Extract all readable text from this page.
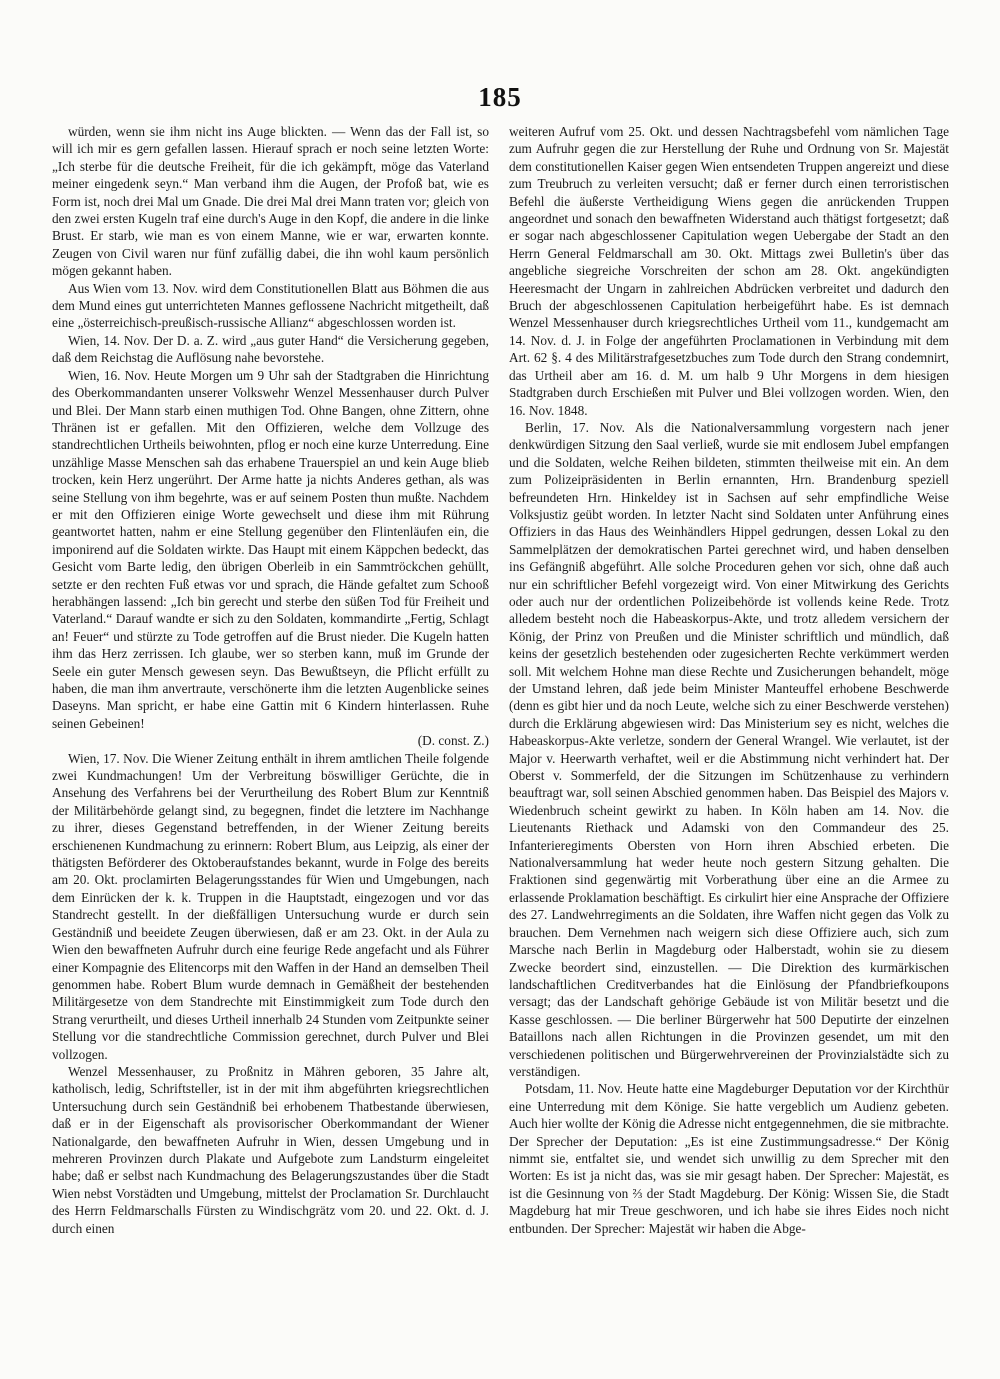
185

würden, wenn sie ihm nicht ins Auge blickten. — Wenn das der Fall ist, so will ich mir es gern gefallen lassen. Hierauf sprach er noch seine letzten Worte: „Ich sterbe für die deutsche Freiheit, für die ich gekämpft, möge das Vaterland meiner eingedenk seyn.“ Man verband ihm die Augen, der Profoß bat, wie es Form ist, noch drei Mal um Gnade. Die drei Mal drei Mann traten vor; gleich von den zwei ersten Kugeln traf eine durch's Auge in den Kopf, die andere in die linke Brust. Er starb, wie man es von einem Manne, wie er war, erwarten konnte. Zeugen von Civil waren nur fünf zufällig dabei, die ihn wohl kaum persönlich mögen gekannt haben.

Aus Wien vom 13. Nov. wird dem Constitutionellen Blatt aus Böhmen die aus dem Mund eines gut unterrichteten Mannes geflossene Nachricht mitgetheilt, daß eine „österreichisch-preußisch-russische Allianz“ abgeschlossen worden ist.

Wien, 14. Nov. Der D. a. Z. wird „aus guter Hand“ die Versicherung gegeben, daß dem Reichstag die Auflösung nahe bevorstehe.

Wien, 16. Nov. Heute Morgen um 9 Uhr sah der Stadtgraben die Hinrichtung des Oberkommandanten unserer Volkswehr Wenzel Messenhauser durch Pulver und Blei. Der Mann starb einen muthigen Tod. Ohne Bangen, ohne Zittern, ohne Thränen ist er gefallen. Mit den Offizieren, welche dem Vollzuge des standrechtlichen Urtheils beiwohnten, pflog er noch eine kurze Unterredung. Eine unzählige Masse Menschen sah das erhabene Trauerspiel an und kein Auge blieb trocken, kein Herz ungerührt. Der Arme hatte ja nichts Anderes gethan, als was seine Stellung von ihm begehrte, was er auf seinem Posten thun mußte. Nachdem er mit den Offizieren einige Worte gewechselt und diese ihm mit Rührung geantwortet hatten, nahm er eine Stellung gegenüber den Flintenläufen ein, die imponirend auf die Soldaten wirkte. Das Haupt mit einem Käppchen bedeckt, das Gesicht vom Barte ledig, den übrigen Oberleib in ein Sammtröckchen gehüllt, setzte er den rechten Fuß etwas vor und sprach, die Hände gefaltet zum Schooß herabhängen lassend: „Ich bin gerecht und sterbe den süßen Tod für Freiheit und Vaterland.“ Darauf wandte er sich zu den Soldaten, kommandirte „Fertig, Schlagt an! Feuer“ und stürzte zu Tode getroffen auf die Brust nieder. Die Kugeln hatten ihm das Herz zerrissen. Ich glaube, wer so sterben kann, muß im Grunde der Seele ein guter Mensch gewesen seyn. Das Bewußtseyn, die Pflicht erfüllt zu haben, die man ihm anvertraute, verschönerte ihm die letzten Augenblicke seines Daseyns. Man spricht, er habe eine Gattin mit 6 Kindern hinterlassen. Ruhe seinen Gebeinen!

(D. const. Z.)

Wien, 17. Nov. Die Wiener Zeitung enthält in ihrem amtlichen Theile folgende zwei Kundmachungen! Um der Verbreitung böswilliger Gerüchte, die in Ansehung des Verfahrens bei der Verurtheilung des Robert Blum zur Kenntniß der Militärbehörde gelangt sind, zu begegnen, findet die letztere im Nachhange zu ihrer, dieses Gegenstand betreffenden, in der Wiener Zeitung bereits erschienenen Kundmachung zu erinnern: Robert Blum, aus Leipzig, als einer der thätigsten Beförderer des Oktoberaufstandes bekannt, wurde in Folge des bereits am 20. Okt. proclamirten Belagerungsstandes für Wien und Umgebungen, nach dem Einrücken der k. k. Truppen in die Hauptstadt, eingezogen und vor das Standrecht gestellt. In der dießfälligen Untersuchung wurde er durch sein Geständniß und beeidete Zeugen überwiesen, daß er am 23. Okt. in der Aula zu Wien den bewaffneten Aufruhr durch eine feurige Rede angefacht und als Führer einer Kompagnie des Elitencorps mit den Waffen in der Hand an demselben Theil genommen habe. Robert Blum wurde demnach in Gemäßheit der bestehenden Militärgesetze von dem Standrechte mit Einstimmigkeit zum Tode durch den Strang verurtheilt, und dieses Urtheil innerhalb 24 Stunden vom Zeitpunkte seiner Stellung vor die standrechtliche Commission gerechnet, durch Pulver und Blei vollzogen.

Wenzel Messenhauser, zu Proßnitz in Mähren geboren, 35 Jahre alt, katholisch, ledig, Schriftsteller, ist in der mit ihm abgeführten kriegsrechtlichen Untersuchung durch sein Geständniß bei erhobenem Thatbestande überwiesen, daß er in der Eigenschaft als provisorischer Oberkommandant der Wiener Nationalgarde, den bewaffneten Aufruhr in Wien, dessen Umgebung und in mehreren Provinzen durch Plakate und Aufgebote zum Landsturm eingeleitet habe; daß er selbst nach Kundmachung des Belagerungszustandes über die Stadt Wien nebst Vorstädten und Umgebung, mittelst der Proclamation Sr. Durchlaucht des Herrn Feldmarschalls Fürsten zu Windischgrätz vom 20. und 22. Okt. d. J. durch einen

weiteren Aufruf vom 25. Okt. und dessen Nachtragsbefehl vom nämlichen Tage zum Aufruhr gegen die zur Herstellung der Ruhe und Ordnung von Sr. Majestät dem constitutionellen Kaiser gegen Wien entsendeten Truppen angereizt und diese zum Treubruch zu verleiten versucht; daß er ferner durch einen terroristischen Befehl die äußerste Vertheidigung Wiens gegen die anrückenden Truppen angeordnet und sonach den bewaffneten Widerstand auch thätigst fortgesetzt; daß er sogar nach abgeschlossener Capitulation wegen Uebergabe der Stadt an den Herrn General Feldmarschall am 30. Okt. Mittags zwei Bulletin's über das angebliche siegreiche Vorschreiten der schon am 28. Okt. angekündigten Heeresmacht der Ungarn in zahlreichen Abdrücken verbreitet und dadurch den Bruch der abgeschlossenen Capitulation herbeigeführt habe. Es ist demnach Wenzel Messenhauser durch kriegsrechtliches Urtheil vom 11., kundgemacht am 14. Nov. d. J. in Folge der angeführten Proclamationen in Verbindung mit dem Art. 62 §. 4 des Militärstrafgesetzbuches zum Tode durch den Strang condemnirt, das Urtheil aber am 16. d. M. um halb 9 Uhr Morgens in dem hiesigen Stadtgraben durch Erschießen mit Pulver und Blei vollzogen worden. Wien, den 16. Nov. 1848.

Berlin, 17. Nov. Als die Nationalversammlung vorgestern nach jener denkwürdigen Sitzung den Saal verließ, wurde sie mit endlosem Jubel empfangen und die Soldaten, welche Reihen bildeten, stimmten theilweise mit ein. An dem zum Polizeipräsidenten in Berlin ernannten, Hrn. Brandenburg speziell befreundeten Hrn. Hinkeldey ist in Sachsen auf sehr empfindliche Weise Volksjustiz geübt worden. In letzter Nacht sind Soldaten unter Anführung eines Offiziers in das Haus des Weinhändlers Hippel gedrungen, dessen Lokal zu den Sammelplätzen der demokratischen Partei gerechnet wird, und haben denselben ins Gefängniß abgeführt. Alle solche Proceduren gehen vor sich, ohne daß auch nur ein schriftlicher Befehl vorgezeigt wird. Von einer Mitwirkung des Gerichts oder auch nur der ordentlichen Polizeibehörde ist vollends keine Rede. Trotz alledem besteht noch die Habeaskorpus-Akte, und trotz alledem versichern der König, der Prinz von Preußen und die Minister schriftlich und mündlich, daß keins der gesetzlich bestehenden oder zugesicherten Rechte verkümmert werden soll. Mit welchem Hohne man diese Rechte und Zusicherungen behandelt, möge der Umstand lehren, daß jede beim Minister Manteuffel erhobene Beschwerde (denn es gibt hier und da noch Leute, welche sich zu einer Beschwerde verstehen) durch die Erklärung abgewiesen wird: Das Ministerium sey es nicht, welches die Habeaskorpus-Akte verletze, sondern der General Wrangel. Wie verlautet, ist der Major v. Heerwarth verhaftet, weil er die Abstimmung nicht verhindert hat. Der Oberst v. Sommerfeld, der die Sitzungen im Schützenhause zu verhindern beauftragt war, soll seinen Abschied genommen haben. Das Beispiel des Majors v. Wiedenbruch scheint gewirkt zu haben. In Köln haben am 14. Nov. die Lieutenants Riethack und Adamski von den Commandeur des 25. Infanterieregiments Obersten von Horn ihren Abschied erbeten. Die Nationalversammlung hat weder heute noch gestern Sitzung gehalten. Die Fraktionen sind gegenwärtig mit Vorberathung über eine an die Armee zu erlassende Proklamation beschäftigt. Es cirkulirt hier eine Ansprache der Offiziere des 27. Landwehrregiments an die Soldaten, ihre Waffen nicht gegen das Volk zu brauchen. Dem Vernehmen nach weigern sich diese Offiziere auch, sich zum Marsche nach Berlin in Magdeburg oder Halberstadt, wohin sie zu diesem Zwecke beordert sind, einzustellen. — Die Direktion des kurmärkischen landschaftlichen Creditverbandes hat die Einlösung der Pfandbriefkoupons versagt; das der Landschaft gehörige Gebäude ist von Militär besetzt und die Kasse geschlossen. — Die berliner Bürgerwehr hat 500 Deputirte der einzelnen Bataillons nach allen Richtungen in die Provinzen gesendet, um mit den verschiedenen politischen und Bürgerwehrvereinen der Provinzialstädte sich zu verständigen.

Potsdam, 11. Nov. Heute hatte eine Magdeburger Deputation vor der Kirchthür eine Unterredung mit dem Könige. Sie hatte vergeblich um Audienz gebeten. Auch hier wollte der König die Adresse nicht entgegennehmen, die sie mitbrachte. Der Sprecher der Deputation: „Es ist eine Zustimmungsadresse.“ Der König nimmt sie, entfaltet sie, und wendet sich unwillig zu dem Sprecher mit den Worten: Es ist ja nicht das, was sie mir gesagt haben. Der Sprecher: Majestät, es ist die Gesinnung von ⅔ der Stadt Magdeburg. Der König: Wissen Sie, die Stadt Magdeburg hat mir Treue geschworen, und ich habe sie ihres Eides noch nicht entbunden. Der Sprecher: Majestät wir haben die Abge-
